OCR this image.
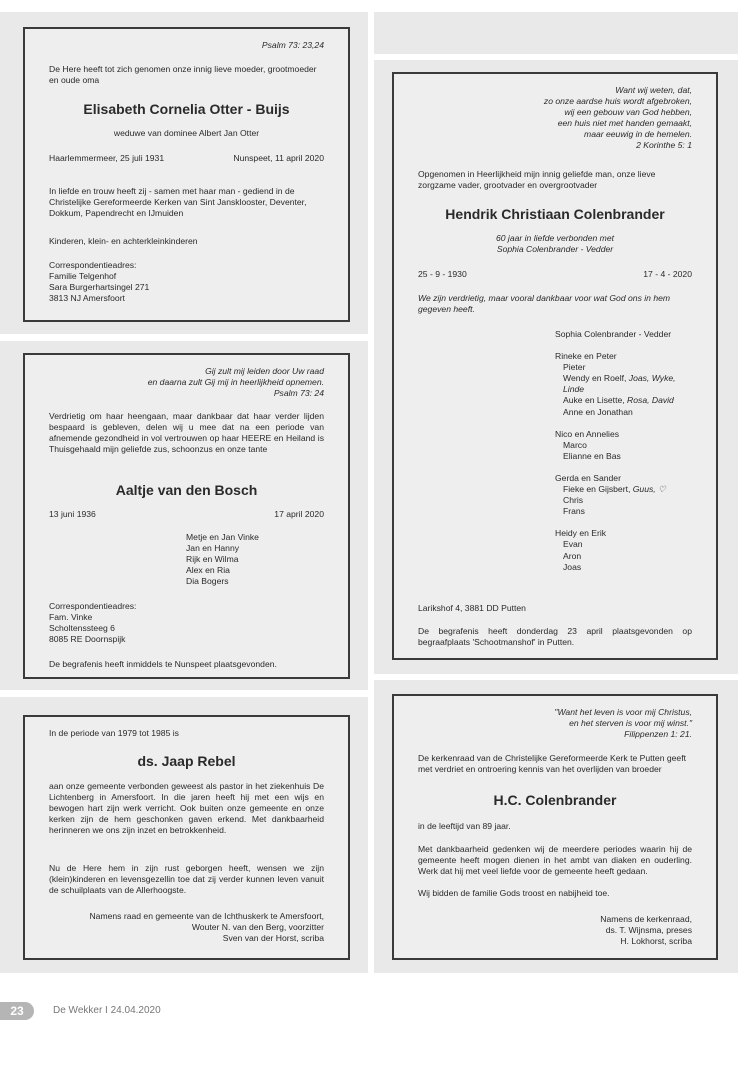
Psalm 73: 23,24

De Here heeft tot zich genomen onze innig lieve moeder, grootmoeder en oude oma

Elisabeth Cornelia Otter - Buijs

weduwe van dominee Albert Jan Otter

Haarlemmermeer, 25 juli 1931	Nunspeet, 11 april 2020

In liefde en trouw heeft zij - samen met haar man - gediend in de Christelijke Gereformeerde Kerken van Sint Jansklooster, Deventer, Dokkum, Papendrecht en IJmuiden

Kinderen, klein- en achterkleinkinderen

Correspondentieadres:

Familie Telgenhof

Sara Burgerhartsingel 271

3813 NJ Amersfoort

Gij zult mij leiden door Uw raad

en daarna zult Gij mij in heerlijkheid opnemen.

Psalm 73: 24

Verdrietig om haar heengaan, maar dankbaar dat haar verder lijden bespaard is gebleven, delen wij u mee dat na een periode van afnemende gezondheid in vol vertrouwen op haar HEERE en Heiland is Thuisgehaald mijn geliefde zus, schoonzus en onze tante

Aaltje van den Bosch

13 juni 1936	17 april 2020

Metje en Jan Vinke

Jan en Hanny

Rijk en Wilma

Alex en Ria

Dia Bogers

Correspondentieadres:

Fam. Vinke

Scholtenssteeg 6

8085 RE Doornspijk

De begrafenis heeft inmiddels te Nunspeet plaatsgevonden.

In de periode van 1979 tot 1985 is

ds. Jaap Rebel

aan onze gemeente verbonden geweest als pastor in het ziekenhuis De Lichtenberg in Amersfoort. In die jaren heeft hij met een wijs en bewogen hart zijn werk verricht. Ook buiten onze gemeente en onze kerken zijn de hem geschonken gaven erkend. Met dankbaarheid herinneren we ons zijn inzet en betrokkenheid.

Nu de Here hem in zijn rust geborgen heeft, wensen we zijn (klein)kinderen en levensgezellin toe dat zij verder kunnen leven vanuit de schuilplaats van de Allerhoogste.

Namens raad en gemeente van de Ichthuskerk te Amersfoort,

Wouter N. van den Berg, voorzitter

Sven van der Horst, scriba

Want wij weten, dat,

zo onze aardse huis wordt afgebroken,

wij een gebouw van God hebben,

een huis niet met handen gemaakt,

maar eeuwig in de hemelen.

2 Korinthe 5: 1

Opgenomen in Heerlijkheid mijn innig geliefde man, onze lieve zorgzame vader, grootvader en overgrootvader

Hendrik Christiaan Colenbrander

60 jaar in liefde verbonden met

Sophia Colenbrander - Vedder

25 - 9 - 1930	17 - 4 - 2020

We zijn verdrietig, maar vooral dankbaar voor wat God ons in hem gegeven heeft.

Sophia Colenbrander - Vedder

Rineke en Peter

Pieter

Wendy en Roelf, Joas, Wyke,

Linde

Auke en Lisette, Rosa, David

Anne en Jonathan

Nico en Annelies

Marco

Elianne en Bas

Gerda en Sander

Fieke en Gijsbert, Guus, ♡

Chris

Frans

Heidy en Erik

Evan

Aron

Joas

Larikshof 4, 3881 DD Putten

De begrafenis heeft donderdag 23 april plaatsgevonden op begraafplaats 'Schootmanshof' in Putten.

"Want het leven is voor mij Christus,

en het sterven is voor mij winst."

Filippenzen 1: 21.

De kerkenraad van de Christelijke Gereformeerde Kerk te Putten geeft met verdriet en ontroering kennis van het overlijden van broeder

H.C. Colenbrander

in de leeftijd van 89 jaar.

Met dankbaarheid gedenken wij de meerdere periodes waarin hij de gemeente heeft mogen dienen in het ambt van diaken en ouderling. Werk dat hij met veel liefde voor de gemeente heeft gedaan.

Wij bidden de familie Gods troost en nabijheid toe.

Namens de kerkenraad,

ds. T. Wijnsma, preses

H. Lokhorst, scriba

23	De Wekker I 24.04.2020
